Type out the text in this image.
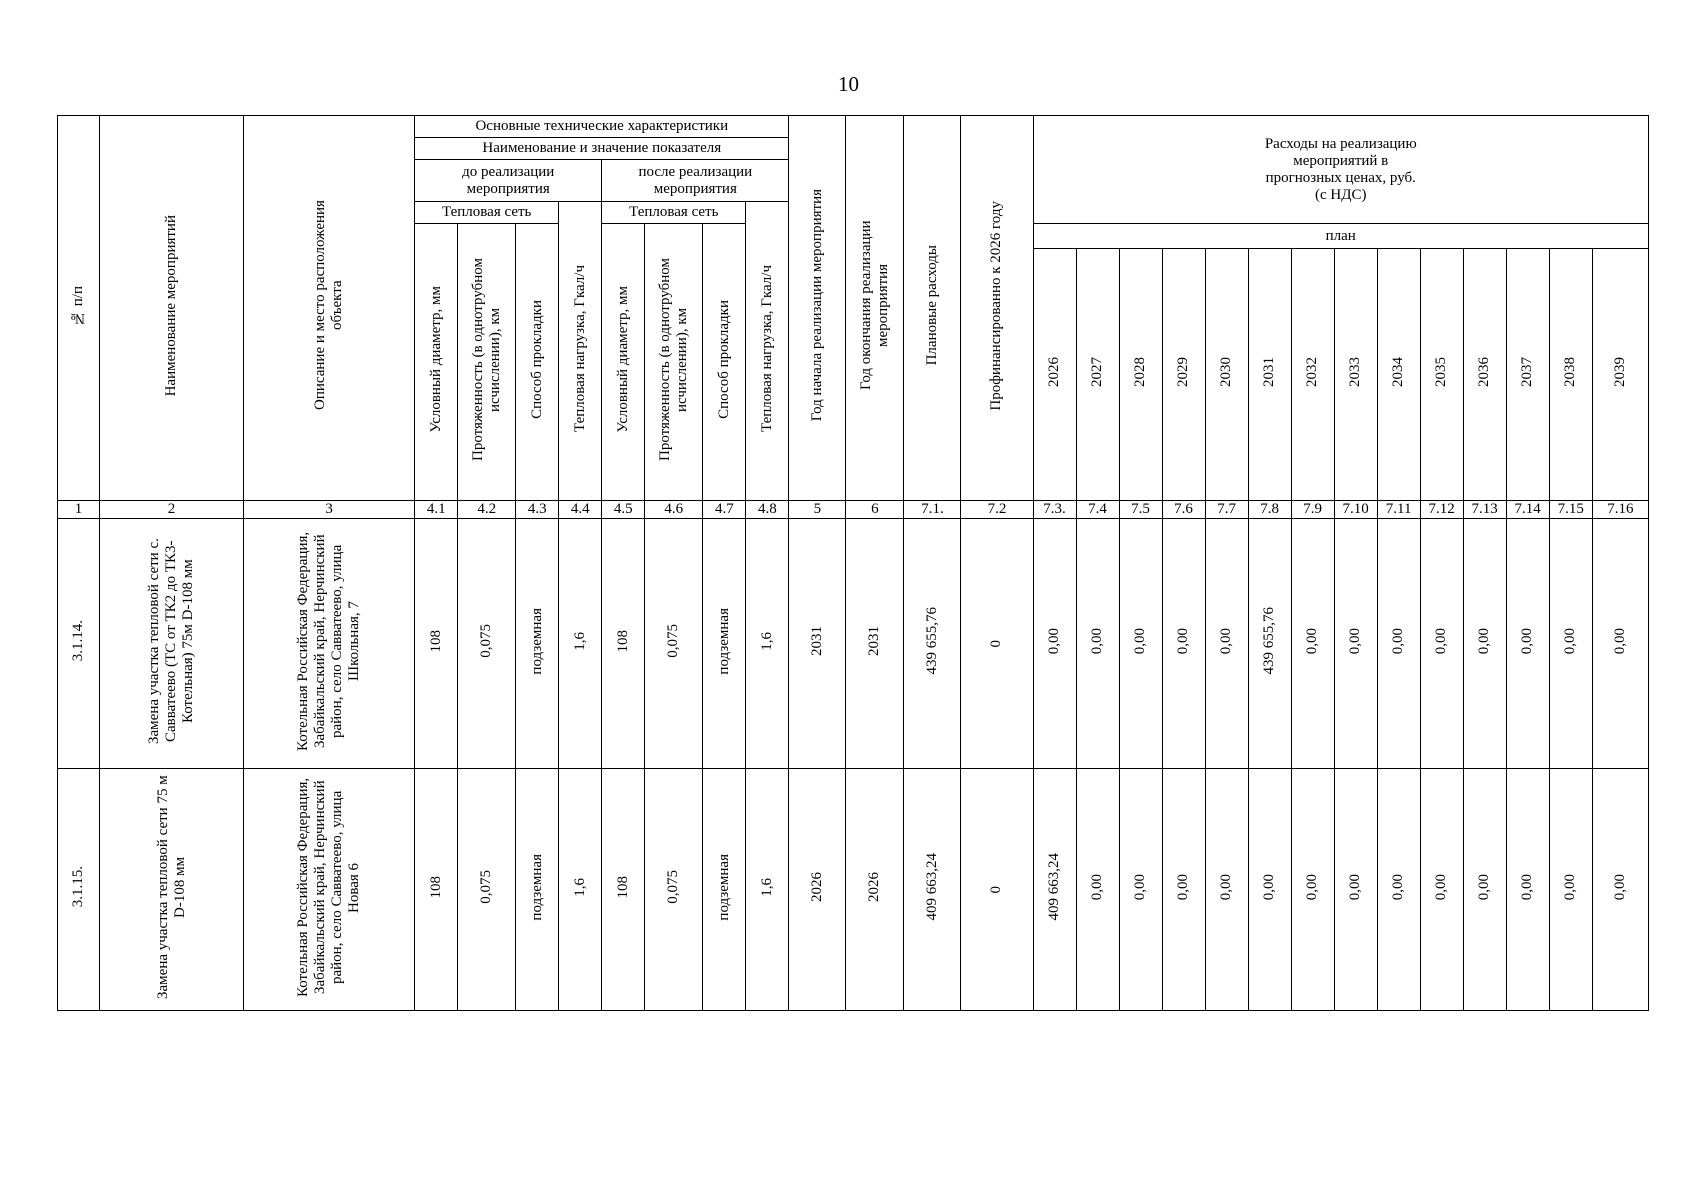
10
№ п/п	Наименование мероприятий	Описание и место расположения объекта	Основные технические характеристики								Год начала реализации мероприятия	Год окончания реализации мероприятия	Плановые расходы	Профинансированно к 2026 году	Расходы на реализацию мероприятий в прогнозных ценах, руб. (с НДС)													

			Наименование и значение показателя																									

			до реализации мероприятия				после реализации мероприятия																					

			Тепловая сеть			Тепловая нагрузка, Гкал/ч	Тепловая сеть			Тепловая нагрузка, Гкал/ч																		
			Условный диаметр, мм	Протяженность (в однотрубном исчислении), км	Способ прокладки		Условный диаметр, мм	Протяженность (в однотрубном исчислении), км	Способ прокладки						план													
															2026	2027	2028	2029	2030	2031	2032	2033	2034	2035	2036	2037	2038	2039
1	2	3	4.1	4.2	4.3	4.4	4.5	4.6	4.7	4.8	5	6	7.1.	7.2	7.3.	7.4	7.5	7.6	7.7	7.8	7.9	7.10	7.11	7.12	7.13	7.14	7.15	7.16
3.1.14.	Замена участка тепловой сети с. Савватеево (ТС от ТК2 до ТК3- Котельная) 75м D-108 мм	Котельная Российская Федерация, Забайкальский край, Нерчинский район, село Савватеево, улица Школьная, 7	108	0,075	подземная	1,6	108	0,075	подземная	1,6	2031	2031	439 655,76	0	0,00	0,00	0,00	0,00	0,00	439 655,76	0,00	0,00	0,00	0,00	0,00	0,00	0,00	0,00
3.1.15.	Замена участка тепловой сети 75 м D-108 мм	Котельная Российская Федерация, Забайкальский край, Нерчинский район, село Савватеево, улица Новая 6	108	0,075	подземная	1,6	108	0,075	подземная	1,6	2026	2026	409 663,24	0	409 663,24	0,00	0,00	0,00	0,00	0,00	0,00	0,00	0,00	0,00	0,00	0,00	0,00	0,00
